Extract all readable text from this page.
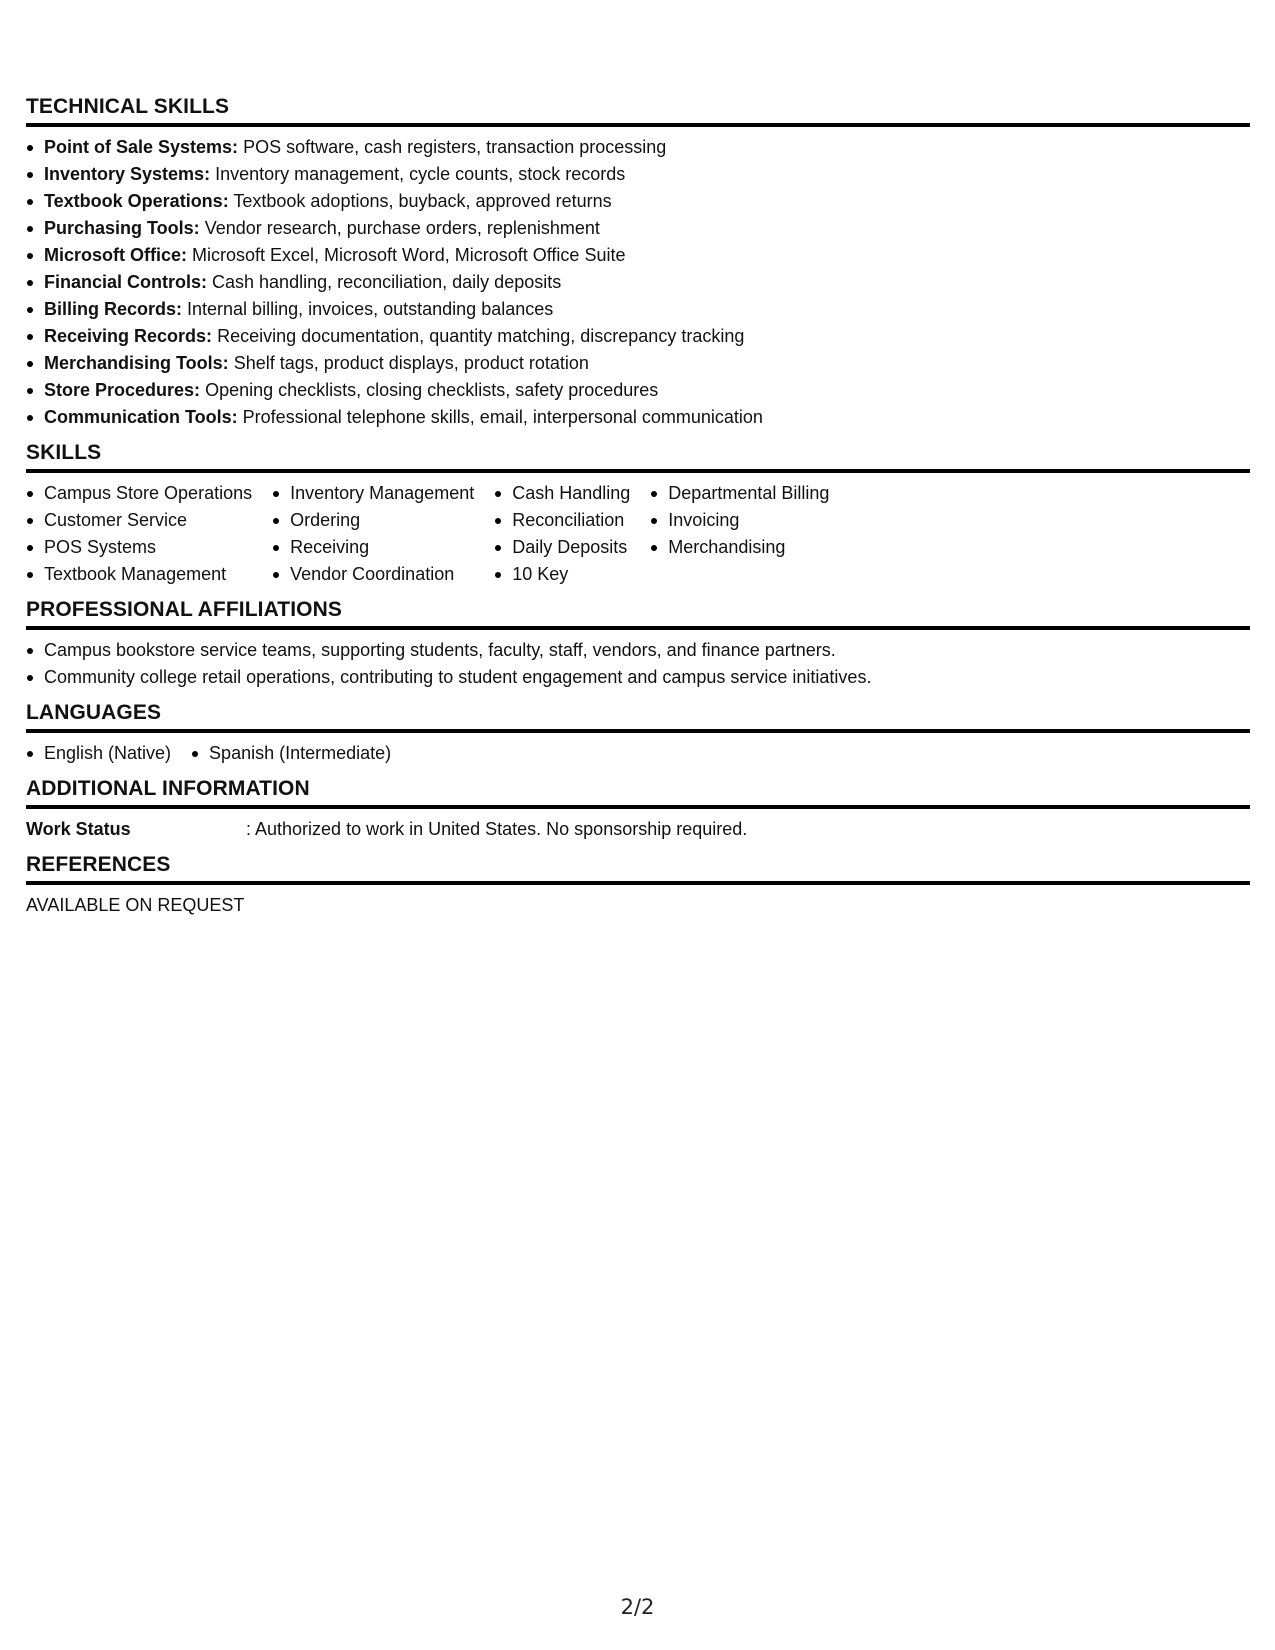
TECHNICAL SKILLS
Point of Sale Systems: POS software, cash registers, transaction processing
Inventory Systems: Inventory management, cycle counts, stock records
Textbook Operations: Textbook adoptions, buyback, approved returns
Purchasing Tools: Vendor research, purchase orders, replenishment
Microsoft Office: Microsoft Excel, Microsoft Word, Microsoft Office Suite
Financial Controls: Cash handling, reconciliation, daily deposits
Billing Records: Internal billing, invoices, outstanding balances
Receiving Records: Receiving documentation, quantity matching, discrepancy tracking
Merchandising Tools: Shelf tags, product displays, product rotation
Store Procedures: Opening checklists, closing checklists, safety procedures
Communication Tools: Professional telephone skills, email, interpersonal communication
SKILLS
Campus Store Operations
Customer Service
POS Systems
Textbook Management
Inventory Management
Ordering
Receiving
Vendor Coordination
Cash Handling
Reconciliation
Daily Deposits
10 Key
Departmental Billing
Invoicing
Merchandising
PROFESSIONAL AFFILIATIONS
Campus bookstore service teams, supporting students, faculty, staff, vendors, and finance partners.
Community college retail operations, contributing to student engagement and campus service initiatives.
LANGUAGES
English (Native)	Spanish (Intermediate)
ADDITIONAL INFORMATION
Work Status	: Authorized to work in United States. No sponsorship required.
REFERENCES
AVAILABLE ON REQUEST
2/2
